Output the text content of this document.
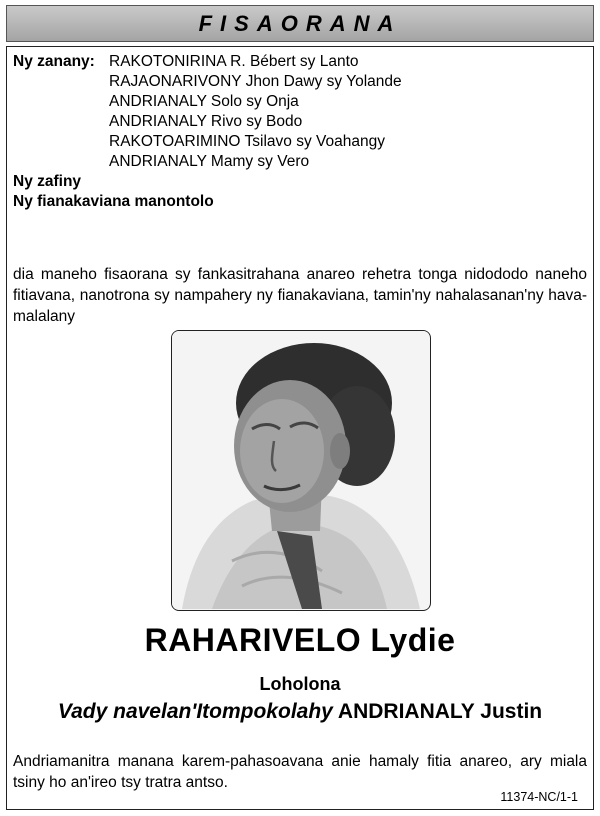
FISAORANA
Ny zanany: RAKOTONIRINA R. Bébert sy Lanto
RAJAONARIVONY Jhon Dawy sy Yolande
ANDRIANALY Solo sy Onja
ANDRIANALY Rivo sy Bodo
RAKOTOARIMINO Tsilavo sy Voahangy
ANDRIANALY Mamy sy Vero
Ny zafiny
Ny fianakaviana manontolo
dia maneho fisaorana sy fankasitrahana anareo rehetra tonga nidododo naneho fitiavana, nanotrona sy nampahery ny fianakaviana, tamin'ny nahalasanan'ny hava-malalany
RAHARIVELO Lydie
Loholona
Vady navelan'Itompokolahy ANDRIANALY Justin
Andriamanitra manana karem-pahasoavana anie hamaly fitia anareo, ary miala tsiny ho an'ireo tsy tratra antso.
11374-NC/1-1
